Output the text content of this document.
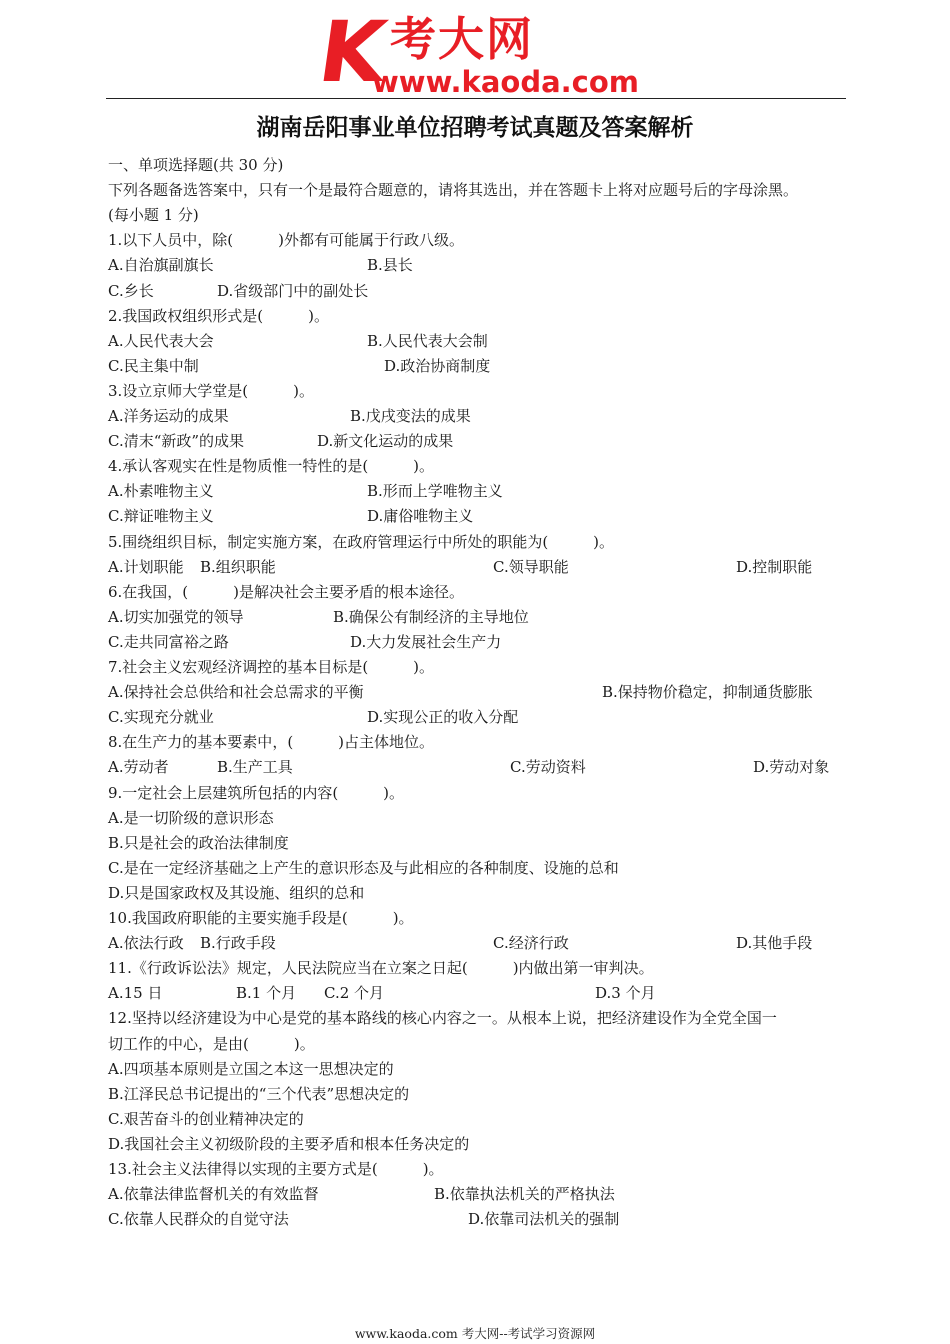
K
考大网
www.kaoda.com
湖南岳阳事业单位招聘考试真题及答案解析
一、单项选择题(共 30 分)
下列各题备选答案中，只有一个是最符合题意的，请将其选出，并在答题卡上将对应题号后的字母涂黑。
(每小题 1 分)
1.以下人员中，除(　　　)外都有可能属于行政八级。
A.自治旗副旗长	B.县长
C.乡长	D.省级部门中的副处长
2.我国政权组织形式是(　　　)。
A.人民代表大会	B.人民代表大会制
C.民主集中制	D.政治协商制度
3.设立京师大学堂是(　　　)。
A.洋务运动的成果	B.戊戌变法的成果
C.清末“新政”的成果	D.新文化运动的成果
4.承认客观实在性是物质惟一特性的是(　　　)。
A.朴素唯物主义	B.形而上学唯物主义
C.辩证唯物主义	D.庸俗唯物主义
5.围绕组织目标，制定实施方案，在政府管理运行中所处的职能为(　　　)。
A.计划职能 B.组织职能	C.领导职能	D.控制职能
6.在我国，(　　　)是解决社会主要矛盾的根本途径。
A.切实加强党的领导	B.确保公有制经济的主导地位
C.走共同富裕之路	D.大力发展社会生产力
7.社会主义宏观经济调控的基本目标是(　　　)。
A.保持社会总供给和社会总需求的平衡	B.保持物价稳定，抑制通货膨胀
C.实现充分就业	D.实现公正的收入分配
8.在生产力的基本要素中，(　　　)占主体地位。
A.劳动者	B.生产工具	C.劳动资料	D.劳动对象
9.一定社会上层建筑所包括的内容(　　　)。
A.是一切阶级的意识形态
B.只是社会的政治法律制度
C.是在一定经济基础之上产生的意识形态及与此相应的各种制度、设施的总和
D.只是国家政权及其设施、组织的总和
10.我国政府职能的主要实施手段是(　　　)。
A.依法行政 B.行政手段	C.经济行政	D.其他手段
11.《行政诉讼法》规定，人民法院应当在立案之日起(　　　)内做出第一审判决。
A.15 日	B.1 个月 C.2 个月	D.3 个月
12.坚持以经济建设为中心是党的基本路线的核心内容之一。从根本上说，把经济建设作为全党全国一
切工作的中心，是由(　　　)。
A.四项基本原则是立国之本这一思想决定的
B.江泽民总书记提出的“三个代表”思想决定的
C.艰苦奋斗的创业精神决定的
D.我国社会主义初级阶段的主要矛盾和根本任务决定的
13.社会主义法律得以实现的主要方式是(　　　)。
A.依靠法律监督机关的有效监督	B.依靠执法机关的严格执法
C.依靠人民群众的自觉守法	D.依靠司法机关的强制
www.kaoda.com 考大网--考试学习资源网
